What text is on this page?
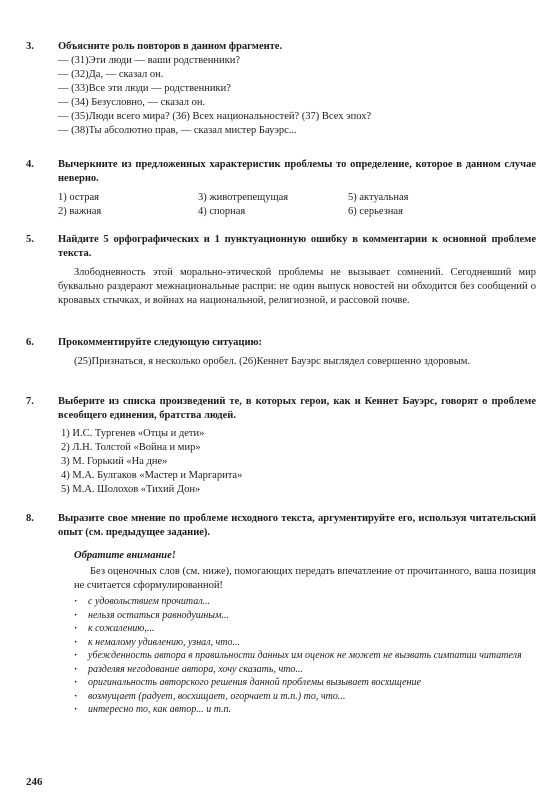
3.	Объясните роль повторов в данном фрагменте.
— (31)Эти люди — ваши родственники?
— (32)Да, — сказал он.
— (33)Все эти люди — родственники?
— (34) Безусловно, — сказал он.
— (35)Люди всего мира? (36) Всех национальностей? (37) Всех эпох?
— (38)Ты абсолютно прав, — сказал мистер Бауэрс...
4.	Вычеркните из предложенных характеристик проблемы то определение, которое в данном случае неверно.
1) острая	3) животрепещущая	5) актуальная
2) важная	4) спорная	6) серьезная
5.	Найдите 5 орфографических и 1 пунктуационную ошибку в комментарии к основной проблеме текста.
Злободневность этой морально-этической проблемы не вызывает сомнений. Сегодневший мир буквально раздерают межнациональные распри: не один выпуск новостей ни обходится без сообщений о кровавых стычках, и войнах на национальной, религиозной, и рассовой почве.
6.	Прокомментируйте следующую ситуацию:
(25)Признаться, я несколько оробел. (26)Кеннет Бауэрс выглядел совершенно здоровым.
7.	Выберите из списка произведений те, в которых герои, как и Кеннет Бауэрс, говорят о проблеме всеобщего единения, братства людей.
1) И.С. Тургенев «Отцы и дети»
2) Л.Н. Толстой «Война и мир»
3) М. Горький «На дне»
4) М.А. Булгаков «Мастер и Маргарита»
5) М.А. Шолохов «Тихий Дон»
8.	Выразите свое мнение по проблеме исходного текста, аргументируйте его, используя читательский опыт (см. предыдущее задание).
Обратите внимание!
Без оценочных слов (см. ниже), помогающих передать впечатление от прочитанного, ваша позиция не считается сформулированной!
· с удовольствием прочитал...
· нельзя остаться равнодушным...
· к сожалению,...
· к немалому удивлению, узнал, что...
· убежденность автора в правильности данных им оценок не может не вызвать симпатии читателя
· разделяя негодование автора, хочу сказать, что...
· оригинальность авторского решения данной проблемы вызывает восхищение
· возмущает (радует, восхищает, огорчает и т.п.) то, что...
· интересно то, как автор... и т.п.
246
